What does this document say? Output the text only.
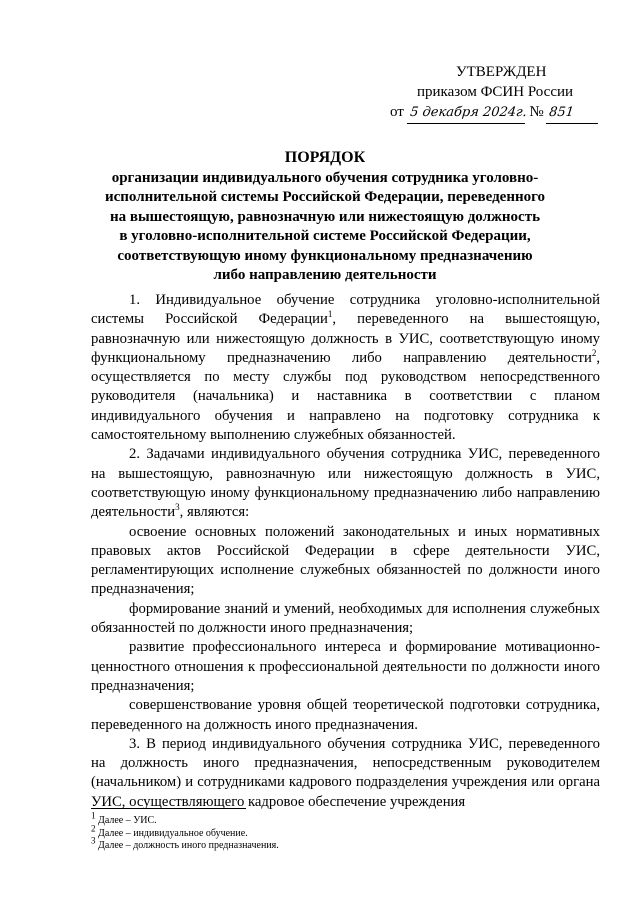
УТВЕРЖДЕН
приказом ФСИН России
от 5 декабря 2024г. № 851
ПОРЯДОК
организации индивидуального обучения сотрудника уголовно-
исполнительной системы Российской Федерации, переведенного
на вышестоящую, равнозначную или нижестоящую должность
в уголовно-исполнительной системе Российской Федерации,
соответствующую иному функциональному предназначению
либо направлению деятельности

1. Индивидуальное обучение сотрудника уголовно-исполнительной системы Российской Федерации$^1$, переведенного на вышестоящую, равнозначную или нижестоящую должность в УИС, соответствующую иному функциональному предназначению либо направлению деятельности$^2$, осуществляется по месту службы под руководством непосредственного руководителя (начальника) и наставника в соответствии с планом индивидуального обучения и направлено на подготовку сотрудника к самостоятельному выполнению служебных обязанностей.

2. Задачами индивидуального обучения сотрудника УИС, переведенного на вышестоящую, равнозначную или нижестоящую должность в УИС, соответствующую иному функциональному предназначению либо направлению деятельности$^3$, являются:

освоение основных положений законодательных и иных нормативных правовых актов Российской Федерации в сфере деятельности УИС, регламентирующих исполнение служебных обязанностей по должности иного предназначения;

формирование знаний и умений, необходимых для исполнения служебных обязанностей по должности иного предназначения;

развитие профессионального интереса и формирование мотивационно-ценностного отношения к профессиональной деятельности по должности иного предназначения;

совершенствование уровня общей теоретической подготовки сотрудника, переведенного на должность иного предназначения.

3. В период индивидуального обучения сотрудника УИС, переведенного на должность иного предназначения, непосредственным руководителем (начальником) и сотрудниками кадрового подразделения учреждения или органа УИС, осуществляющего кадровое обеспечение учреждения

$^1$ Далее – УИС.
$^2$ Далее – индивидуальное обучение.
$^3$ Далее – должность иного предназначения.
